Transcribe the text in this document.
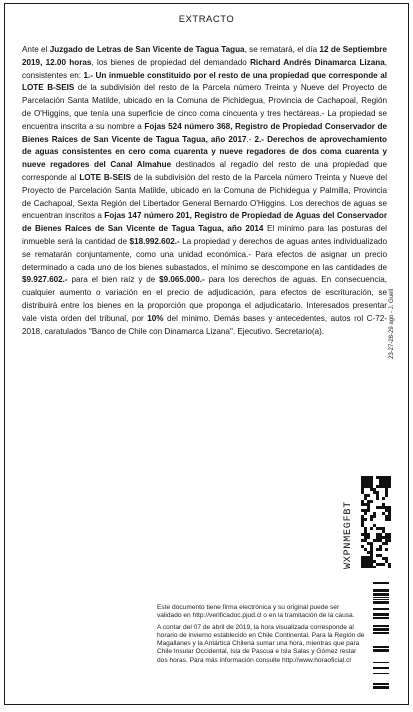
EXTRACTO
Ante el Juzgado de Letras de San Vicente de Tagua Tagua, se rematará, el día 12 de Septiembre 2019, 12.00 horas, los bienes de propiedad del demandado Richard Andrés Dinamarca Lizana, consistentes en: 1.- Un inmueble constituido por el resto de una propiedad que corresponde al LOTE B-SEIS de la subdivisión del resto de la Parcela número Treinta y Nueve del Proyecto de Parcelación Santa Matilde, ubicado en la Comuna de Pichidegua, Provincia de Cachapoal, Región de O'Higgins, que tenía una superficie de cinco coma cincuenta y tres hectáreas.- La propiedad se encuentra inscrita a su nombre a Fojas 524 número 368, Registro de Propiedad Conservador de Bienes Raíces de San Vicente de Tagua Tagua, año 2017.- 2.- Derechos de aprovechamiento de aguas consistentes en cero coma cuarenta y nueve regadores de dos coma cuarenta y nueve regadores del Canal Almahue destinados al regadío del resto de una propiedad que corresponde al LOTE B-SEIS de la subdivisión del resto de la Parcela número Treinta y Nueve del Proyecto de Parcelación Santa Matilde, ubicado en la Comuna de Pichidegua y Palmilla, Provincia de Cachapoal, Sexta Región del Libertador General Bernardo O'Higgins. Los derechos de aguas se encuentran inscritos a Fojas 147 número 201, Registro de Propiedad de Aguas del Conservador de Bienes Raíces de San Vicente de Tagua Tagua, año 2014 El mínimo para las posturas del inmueble será la cantidad de $18.992.602.- La propiedad y derechos de aguas antes individualizado se rematarán conjuntamente, como una unidad económica.- Para efectos de asignar un precio determinado a cada uno de los bienes subastados, el mínimo se descompone en las cantidades de $9.927.602.- para el bien raíz y de $9.065.000.- para los derechos de aguas. En consecuencia, cualquier aumento o variación en el precio de adjudicación, para efectos de escrituración, se distribuirá entre los bienes en la proporción que proponga el adjudicatario. Interesados presentar vale vista orden del tribunal, por 10% del mínimo. Demás bases y antecedentes, autos rol C-72-2018, caratulados "Banco de Chile con Dinamarca Lizana". Ejecutivo. Secretario(a).	23-27-28-29 ago - J. Guell
WXPNMEGFBT

Este documento tiene firma electrónica y su original puede ser validado en http://verificadoc.pjud.cl o en la tramitación de la causa.

A contar del 07 de abril de 2019, la hora visualizada corresponde al horario de invierno establecido en Chile Continental. Para la Región de Magallanes y la Antártica Chilena sumar una hora, mientras que para Chile Insular Occidental, Isla de Pascua e Isla Salas y Gómez restar dos horas. Para más información consulte http://www.horaoficial.cl
